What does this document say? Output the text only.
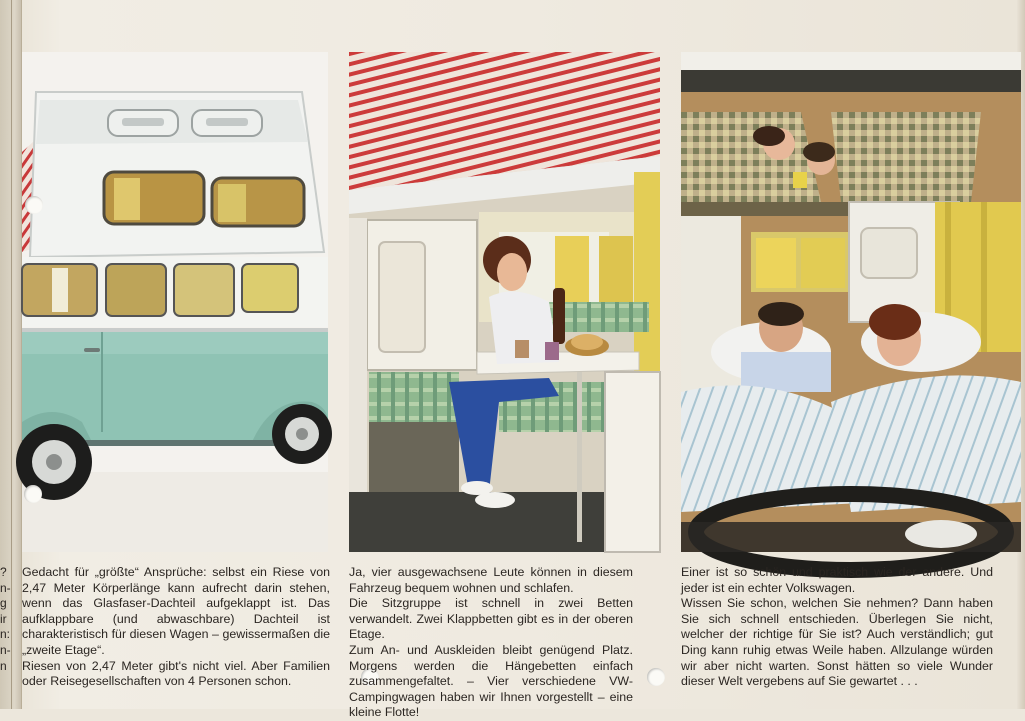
?
n-
g
ir
n:
n-
n

Gedacht für „größte“ Ansprüche: selbst ein Riese von 2,47 Meter Körperlänge kann aufrecht darin stehen, wenn das Glasfaser-Dachteil aufgeklappt ist. Das aufklappbare (und abwaschbare) Dachteil ist charakteristisch für diesen Wagen – gewissermaßen die „zweite Etage“.

Riesen von 2,47 Meter gibt's nicht viel. Aber Familien oder Reisegesellschaften von 4 Personen schon.

Ja, vier ausgewachsene Leute können in diesem Fahrzeug bequem wohnen und schlafen.

Die Sitzgruppe ist schnell in zwei Betten verwandelt. Zwei Klappbetten gibt es in der oberen Etage.

Zum An- und Auskleiden bleibt genügend Platz. Morgens werden die Hängebetten einfach zusammengefaltet. – Vier verschiedene VW-Campingwagen haben wir Ihnen vorgestellt – eine kleine Flotte!

Einer ist so schön und praktisch wie der andere. Und jeder ist ein echter Volkswagen.

Wissen Sie schon, welchen Sie nehmen? Dann haben Sie sich schnell entschieden. Überlegen Sie nicht, welcher der richtige für Sie ist? Auch verständlich; gut Ding kann ruhig etwas Weile haben. Allzulange würden wir aber nicht warten. Sonst hätten so viele Wunder dieser Welt vergebens auf Sie gewartet . . .
